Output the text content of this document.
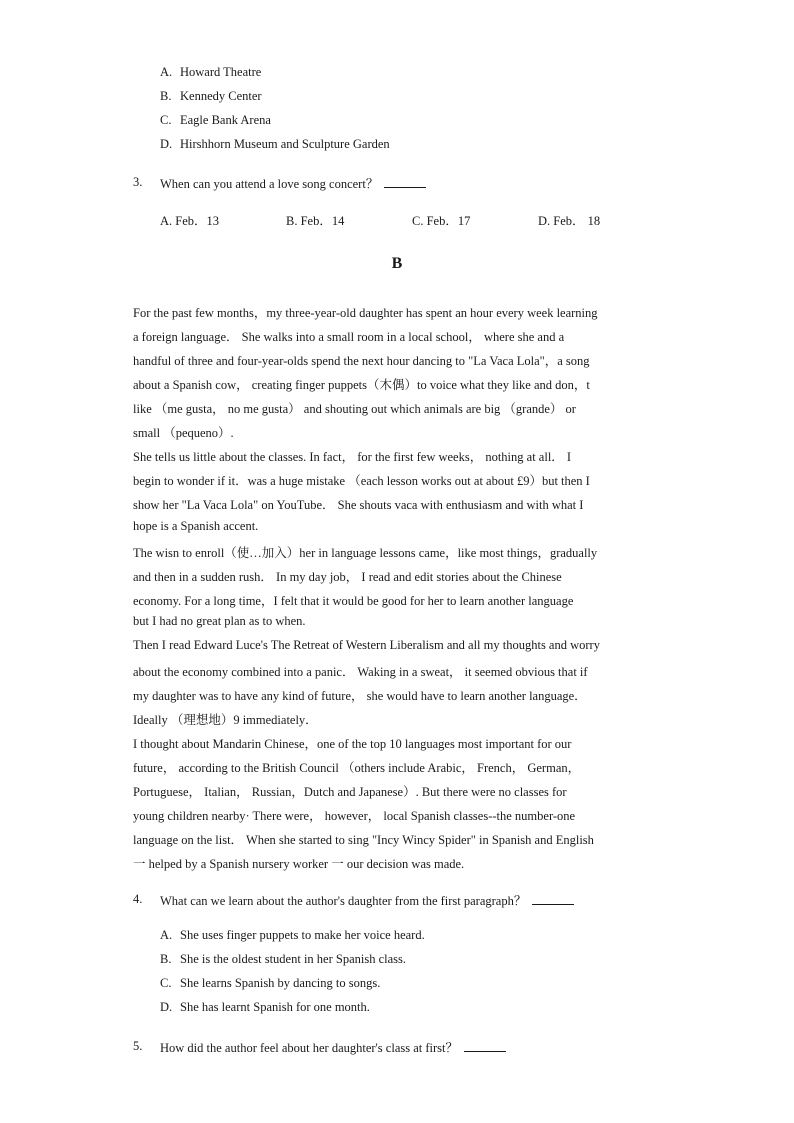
A. Howard Theatre
B. Kennedy Center
C. Eagle Bank Arena
D. Hirshhorn Museum and Sculpture Garden
3. When can you attend a love song concert？
A. Feb．13	B. Feb．14	C. Feb．17	D. Feb． 18
B
For the past few months，my three-year-old daughter has spent an hour every week learning
a foreign language． She walks into a small room in a local school， where she and a
handful of three and four-year-olds spend the next hour dancing to "La Vaca Lola"，a song
about a Spanish cow， creating finger puppets（木偶）to voice what they like and don，t
like （me gusta， no me gusta） and shouting out which animals are big （grande） or
small （pequeno）.
She tells us little about the classes. In fact， for the first few weeks， nothing at all． I
begin to wonder if it．was a huge mistake （each lesson works out at about £9）but then I
show her "La Vaca Lola" on YouTube． She shouts vaca with enthusiasm and with what I
hope is a Spanish accent.
The wisn to enroll（使…加入）her in language lessons came，like most things，gradually
and then in a sudden rush． In my day job， I read and edit stories about the Chinese
economy. For a long time，I felt that it would be good for her to learn another language
but I had no great plan as to when.
Then I read Edward Luce's The Retreat of Western Liberalism and all my thoughts and worry
about the economy combined into a panic． Waking in a sweat， it seemed obvious that if
my daughter was to have any kind of future， she would have to learn another language．
Ideally （理想地）9 immediately．
I thought about Mandarin Chinese，one of the top 10 languages most important for our
future， according to the British Council （others include Arabic， French， German，
Portuguese， Italian， Russian，Dutch and Japanese）. But there were no classes for
young children nearby· There were， however， local Spanish classes--the number-one
language on the list． When she started to sing "Incy Wincy Spider" in Spanish and English
一 helped by a Spanish nursery worker 一 our decision was made.
4. What can we learn about the author's daughter from the first paragraph？
A. She uses finger puppets to make her voice heard.
B. She is the oldest student in her Spanish class.
C. She learns Spanish by dancing to songs.
D. She has learnt Spanish for one month.
5. How did the author feel about her daughter's class at first？
